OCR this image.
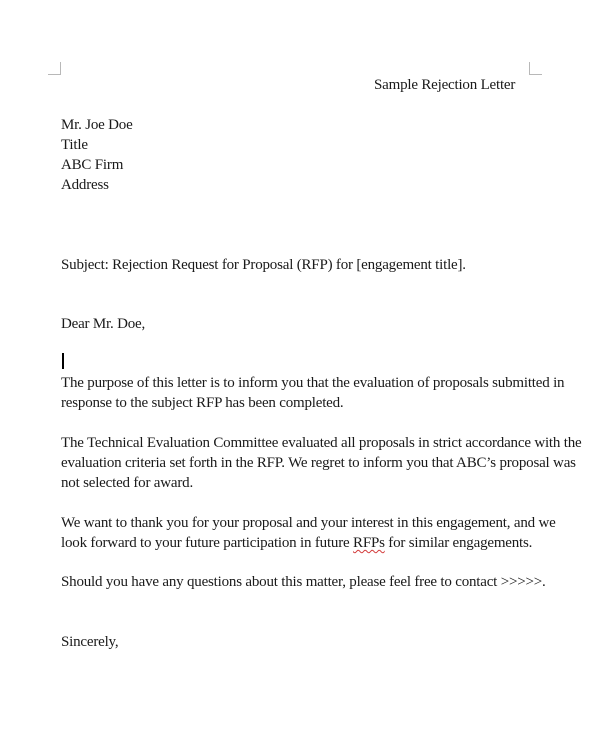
Sample Rejection Letter
Mr. Joe Doe
Title
ABC Firm
Address
Subject: Rejection Request for Proposal (RFP) for [engagement title].
Dear Mr. Doe,
The purpose of this letter is to inform you that the evaluation of proposals submitted in
response to the subject RFP has been completed.
The Technical Evaluation Committee evaluated all proposals in strict accordance with the
evaluation criteria set forth in the RFP. We regret to inform you that ABC’s proposal was
not selected for award.
We want to thank you for your proposal and your interest in this engagement, and we
look forward to your future participation in future RFPs for similar engagements.
Should you have any questions about this matter, please feel free to contact >>>>>.
Sincerely,
